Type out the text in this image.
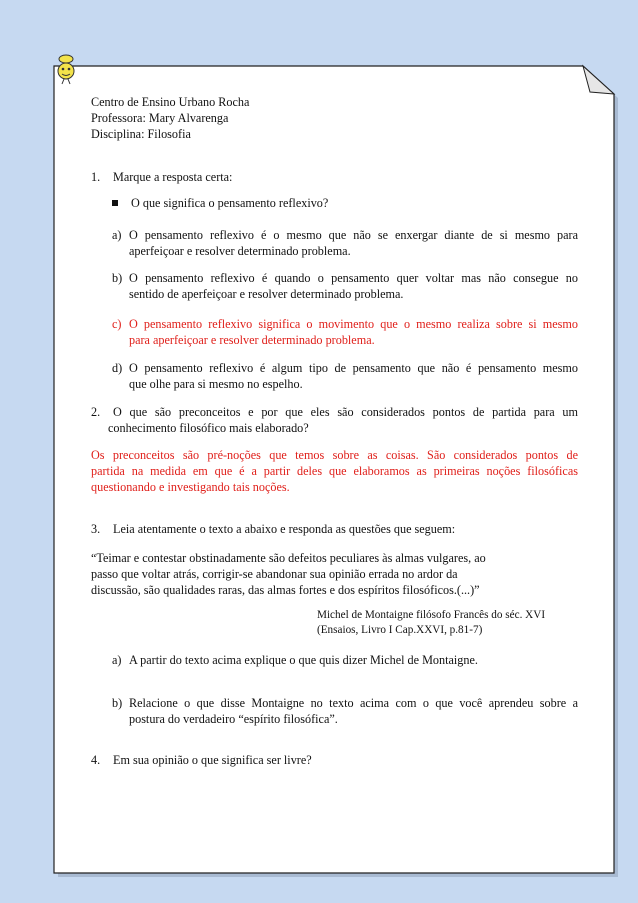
Centro de Ensino Urbano Rocha
Professora: Mary Alvarenga
Disciplina: Filosofia
1. Marque a resposta certa:
O que significa o pensamento reflexivo?
a) O pensamento reflexivo é o mesmo que não se enxergar diante de si mesmo para
aperfeiçoar e resolver determinado problema.
b) O pensamento reflexivo é quando o pensamento quer voltar mas não consegue no
sentido de aperfeiçoar e resolver determinado problema.
c) O pensamento reflexivo significa o movimento que o mesmo realiza sobre si mesmo
para aperfeiçoar e resolver determinado problema.
d) O pensamento reflexivo é algum tipo de pensamento que não é pensamento mesmo
que olhe para si mesmo no espelho.
2. O que são preconceitos e por que eles são considerados pontos de partida para um
conhecimento filosófico mais elaborado?
Os preconceitos são pré-noções que temos sobre as coisas. São considerados pontos de
partida na medida em que é a partir deles que elaboramos as primeiras noções filosóficas
questionando e investigando tais noções.
3. Leia atentamente o texto a abaixo e responda as questões que seguem:
“Teimar e contestar obstinadamente são defeitos peculiares às almas vulgares, ao
passo que voltar atrás, corrigir-se abandonar sua opinião errada no ardor da
discussão, são qualidades raras, das almas fortes e dos espíritos filosóficos.(...)”
Michel de Montaigne filósofo Francês do séc. XVI
(Ensaios, Livro I Cap.XXVI, p.81-7)
a) A partir do texto acima explique o que quis dizer Michel de Montaigne.
b) Relacione o que disse Montaigne no texto acima com o que você aprendeu sobre a
postura do verdadeiro “espírito filosófica”.
4. Em sua opinião o que significa ser livre?
